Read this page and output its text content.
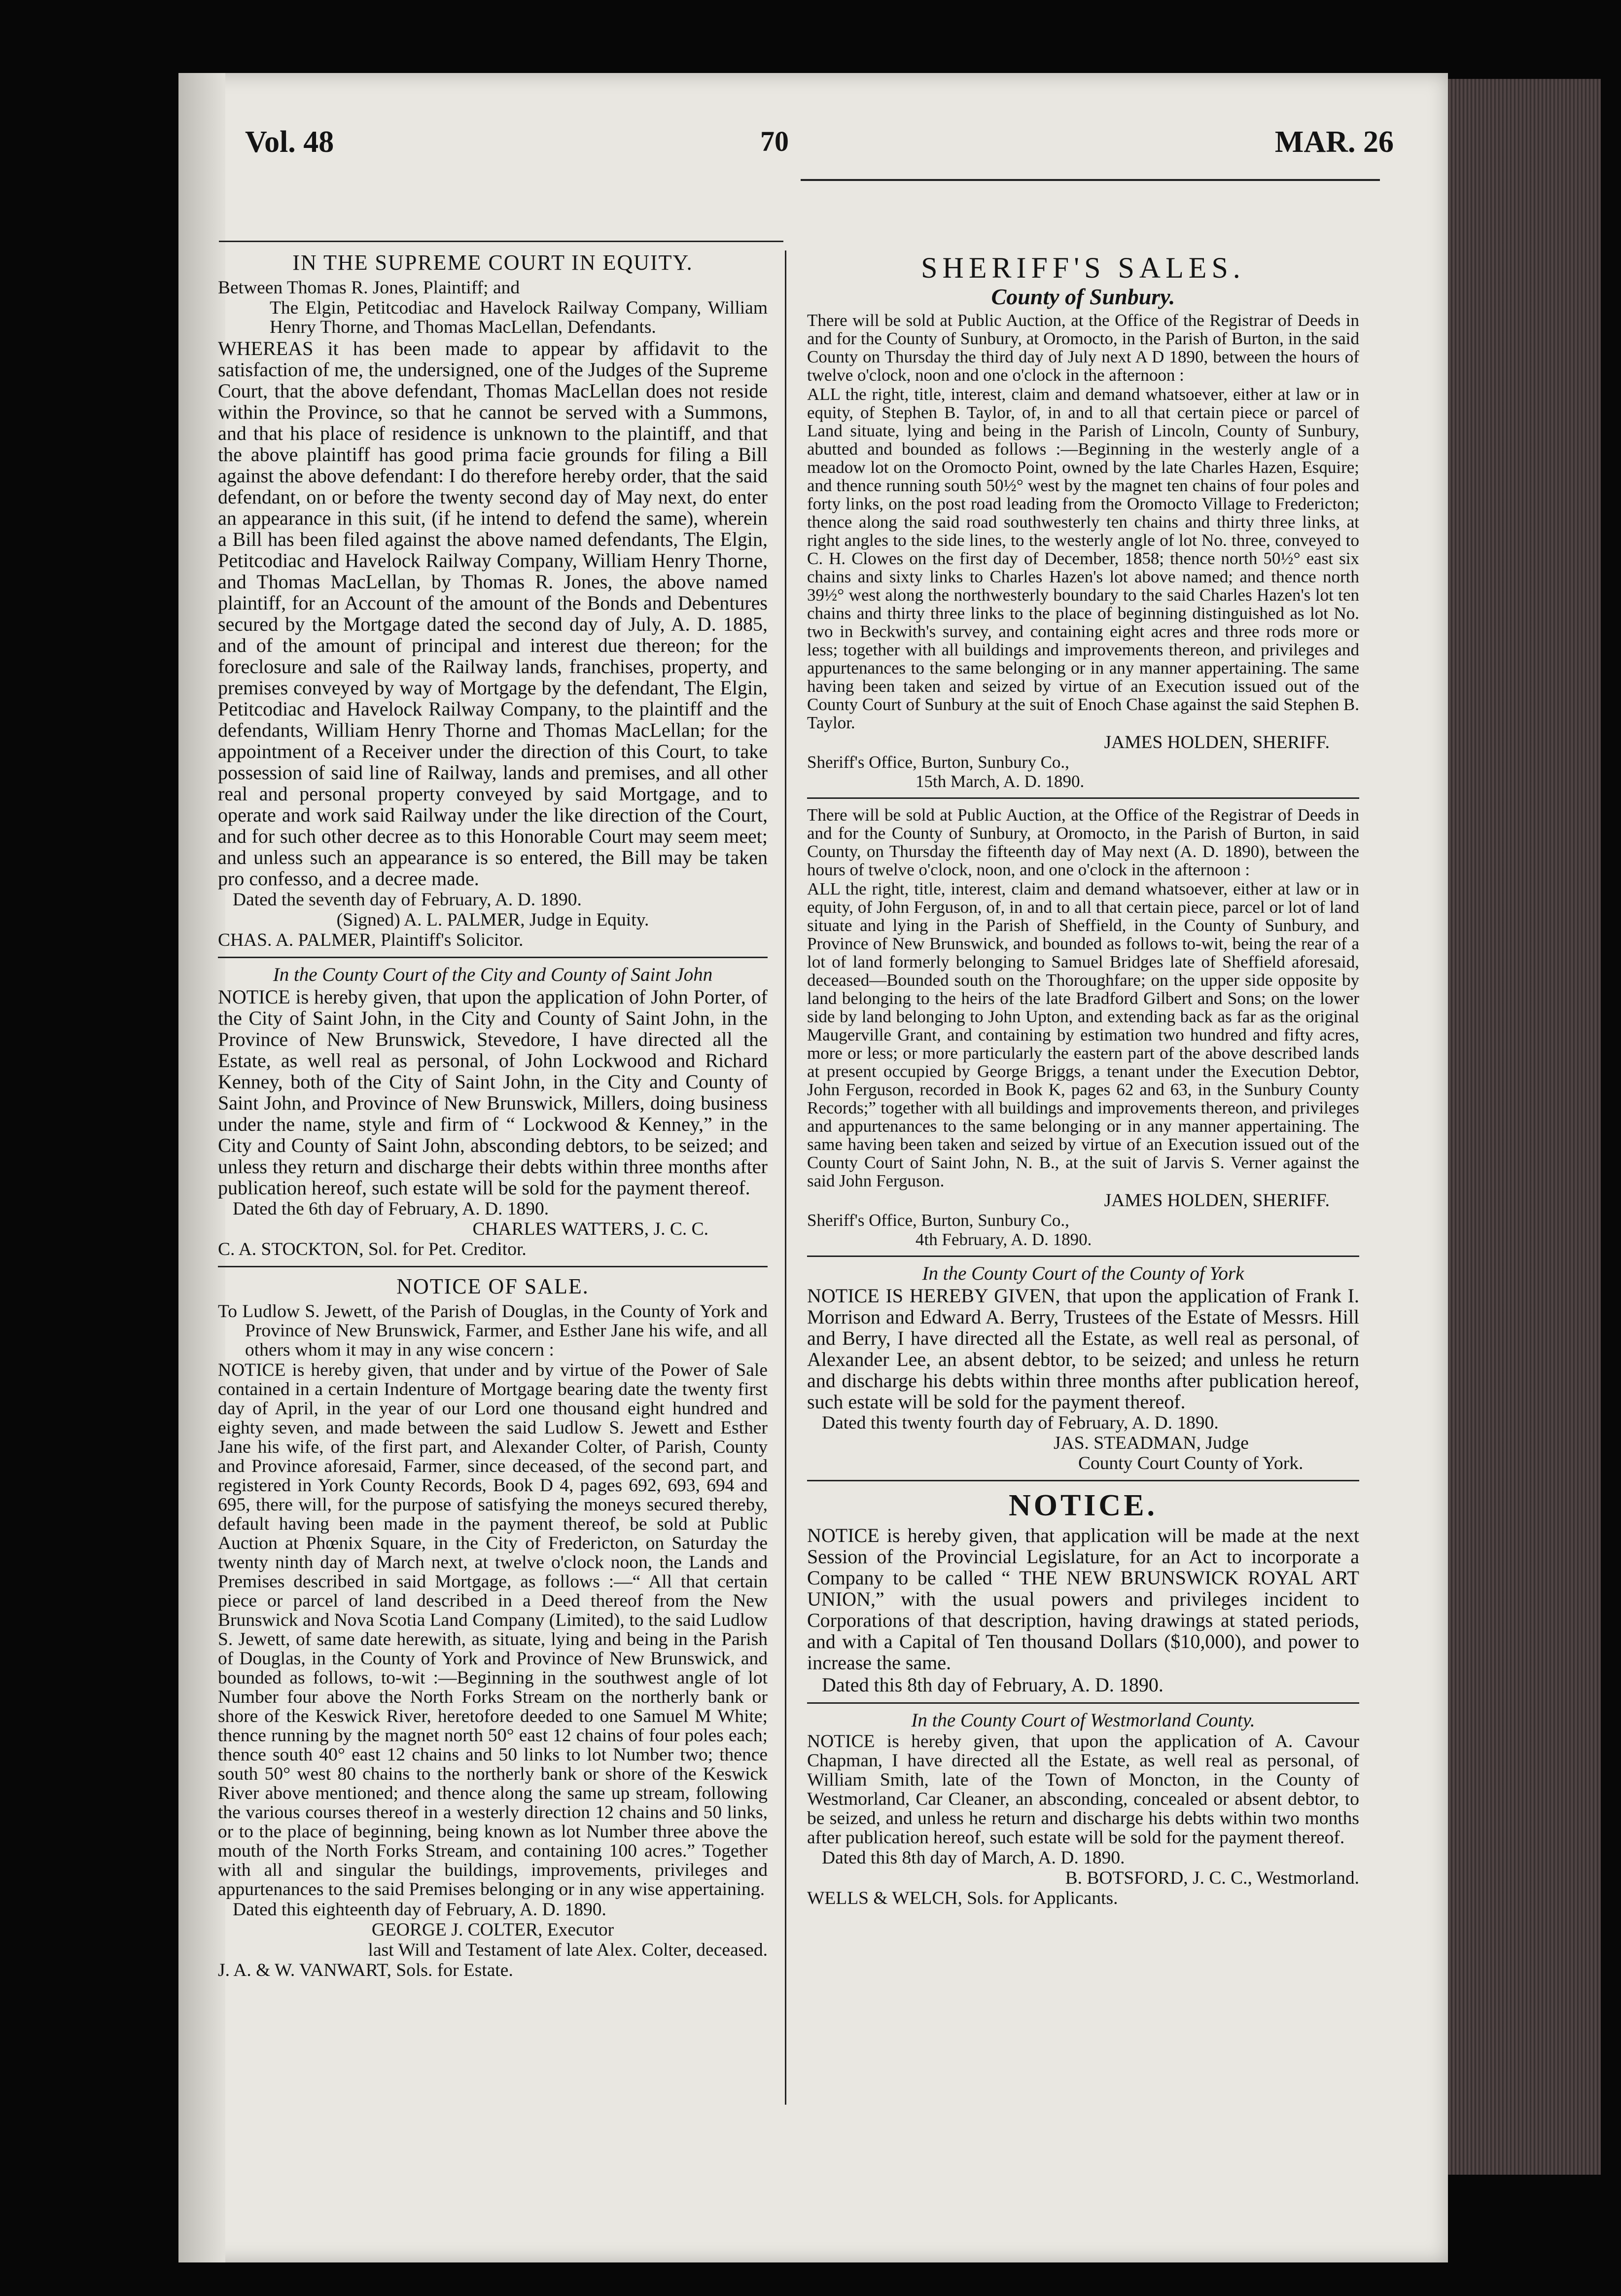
Vol. 48	70	MAR. 26

IN THE SUPREME COURT IN EQUITY.

Between Thomas R. Jones, Plaintiff; and

The Elgin, Petitcodiac and Havelock Railway Company, William Henry Thorne, and Thomas MacLellan, Defendants.

WHEREAS it has been made to appear by affidavit to the satisfaction of me, the undersigned, one of the Judges of the Supreme Court, that the above defendant, Thomas MacLellan does not reside within the Province, so that he cannot be served with a Summons, and that his place of residence is unknown to the plaintiff, and that the above plaintiff has good prima facie grounds for filing a Bill against the above defendant: I do therefore hereby order, that the said defendant, on or before the twenty second day of May next, do enter an appearance in this suit, (if he intend to defend the same), wherein a Bill has been filed against the above named defendants, The Elgin, Petitcodiac and Havelock Railway Company, William Henry Thorne, and Thomas MacLellan, by Thomas R. Jones, the above named plaintiff, for an Account of the amount of the Bonds and Debentures secured by the Mortgage dated the second day of July, A. D. 1885, and of the amount of principal and interest due thereon; for the foreclosure and sale of the Railway lands, franchises, property, and premises conveyed by way of Mortgage by the defendant, The Elgin, Petitcodiac and Havelock Railway Company, to the plaintiff and the defendants, William Henry Thorne and Thomas MacLellan; for the appointment of a Receiver under the direction of this Court, to take possession of said line of Railway, lands and premises, and all other real and personal property conveyed by said Mortgage, and to operate and work said Railway under the like direction of the Court, and for such other decree as to this Honorable Court may seem meet; and unless such an appearance is so entered, the Bill may be taken pro confesso, and a decree made.

Dated the seventh day of February, A. D. 1890.

(Signed) A. L. PALMER, Judge in Equity.

CHAS. A. PALMER, Plaintiff's Solicitor.

In the County Court of the City and County of Saint John

NOTICE is hereby given, that upon the application of John Porter, of the City of Saint John, in the City and County of Saint John, in the Province of New Brunswick, Stevedore, I have directed all the Estate, as well real as personal, of John Lockwood and Richard Kenney, both of the City of Saint John, in the City and County of Saint John, and Province of New Brunswick, Millers, doing business under the name, style and firm of “ Lockwood & Kenney,” in the City and County of Saint John, absconding debtors, to be seized; and unless they return and discharge their debts within three months after publication hereof, such estate will be sold for the payment thereof.

Dated the 6th day of February, A. D. 1890.

CHARLES WATTERS, J. C. C.

C. A. STOCKTON, Sol. for Pet. Creditor.

NOTICE OF SALE.

To Ludlow S. Jewett, of the Parish of Douglas, in the County of York and Province of New Brunswick, Farmer, and Esther Jane his wife, and all others whom it may in any wise concern :

NOTICE is hereby given, that under and by virtue of the Power of Sale contained in a certain Indenture of Mortgage bearing date the twenty first day of April, in the year of our Lord one thousand eight hundred and eighty seven, and made between the said Ludlow S. Jewett and Esther Jane his wife, of the first part, and Alexander Colter, of Parish, County and Province aforesaid, Farmer, since deceased, of the second part, and registered in York County Records, Book D 4, pages 692, 693, 694 and 695, there will, for the purpose of satisfying the moneys secured thereby, default having been made in the payment thereof, be sold at Public Auction at Phœnix Square, in the City of Fredericton, on Saturday the twenty ninth day of March next, at twelve o'clock noon, the Lands and Premises described in said Mortgage, as follows :—“ All that certain piece or parcel of land described in a Deed thereof from the New Brunswick and Nova Scotia Land Company (Limited), to the said Ludlow S. Jewett, of same date herewith, as situate, lying and being in the Parish of Douglas, in the County of York and Province of New Brunswick, and bounded as follows, to-wit :—Beginning in the southwest angle of lot Number four above the North Forks Stream on the northerly bank or shore of the Keswick River, heretofore deeded to one Samuel M White; thence running by the magnet north 50° east 12 chains of four poles each; thence south 40° east 12 chains and 50 links to lot Number two; thence south 50° west 80 chains to the northerly bank or shore of the Keswick River above mentioned; and thence along the same up stream, following the various courses thereof in a westerly direction 12 chains and 50 links, or to the place of beginning, being known as lot Number three above the mouth of the North Forks Stream, and containing 100 acres.” Together with all and singular the buildings, improvements, privileges and appurtenances to the said Premises belonging or in any wise appertaining.

Dated this eighteenth day of February, A. D. 1890.

GEORGE J. COLTER, Executor

last Will and Testament of late Alex. Colter, deceased.

J. A. & W. VANWART, Sols. for Estate.

SHERIFF'S SALES.

County of Sunbury.

There will be sold at Public Auction, at the Office of the Registrar of Deeds in and for the County of Sunbury, at Oromocto, in the Parish of Burton, in the said County on Thursday the third day of July next A D 1890, between the hours of twelve o'clock, noon and one o'clock in the afternoon :

ALL the right, title, interest, claim and demand whatsoever, either at law or in equity, of Stephen B. Taylor, of, in and to all that certain piece or parcel of Land situate, lying and being in the Parish of Lincoln, County of Sunbury, abutted and bounded as follows :—Beginning in the westerly angle of a meadow lot on the Oromocto Point, owned by the late Charles Hazen, Esquire; and thence running south 50½° west by the magnet ten chains of four poles and forty links, on the post road leading from the Oromocto Village to Fredericton; thence along the said road southwesterly ten chains and thirty three links, at right angles to the side lines, to the westerly angle of lot No. three, conveyed to C. H. Clowes on the first day of December, 1858; thence north 50½° east six chains and sixty links to Charles Hazen's lot above named; and thence north 39½° west along the northwesterly boundary to the said Charles Hazen's lot ten chains and thirty three links to the place of beginning distinguished as lot No. two in Beckwith's survey, and containing eight acres and three rods more or less; together with all buildings and improvements thereon, and privileges and appurtenances to the same belonging or in any manner appertaining. The same having been taken and seized by virtue of an Execution issued out of the County Court of Sunbury at the suit of Enoch Chase against the said Stephen B. Taylor.

JAMES HOLDEN, SHERIFF.

Sheriff's Office, Burton, Sunbury Co.,

15th March, A. D. 1890.

There will be sold at Public Auction, at the Office of the Registrar of Deeds in and for the County of Sunbury, at Oromocto, in the Parish of Burton, in said County, on Thursday the fifteenth day of May next (A. D. 1890), between the hours of twelve o'clock, noon, and one o'clock in the afternoon :

ALL the right, title, interest, claim and demand whatsoever, either at law or in equity, of John Ferguson, of, in and to all that certain piece, parcel or lot of land situate and lying in the Parish of Sheffield, in the County of Sunbury, and Province of New Brunswick, and bounded as follows to-wit, being the rear of a lot of land formerly belonging to Samuel Bridges late of Sheffield aforesaid, deceased—Bounded south on the Thoroughfare; on the upper side opposite by land belonging to the heirs of the late Bradford Gilbert and Sons; on the lower side by land belonging to John Upton, and extending back as far as the original Maugerville Grant, and containing by estimation two hundred and fifty acres, more or less; or more particularly the eastern part of the above described lands at present occupied by George Briggs, a tenant under the Execution Debtor, John Ferguson, recorded in Book K, pages 62 and 63, in the Sunbury County Records;” together with all buildings and improvements thereon, and privileges and appurtenances to the same belonging or in any manner appertaining. The same having been taken and seized by virtue of an Execution issued out of the County Court of Saint John, N. B., at the suit of Jarvis S. Verner against the said John Ferguson.

JAMES HOLDEN, SHERIFF.

Sheriff's Office, Burton, Sunbury Co.,

4th February, A. D. 1890.

In the County Court of the County of York

NOTICE IS HEREBY GIVEN, that upon the application of Frank I. Morrison and Edward A. Berry, Trustees of the Estate of Messrs. Hill and Berry, I have directed all the Estate, as well real as personal, of Alexander Lee, an absent debtor, to be seized; and unless he return and discharge his debts within three months after publication hereof, such estate will be sold for the payment thereof.

Dated this twenty fourth day of February, A. D. 1890.

JAS. STEADMAN, Judge

County Court County of York.

NOTICE.

NOTICE is hereby given, that application will be made at the next Session of the Provincial Legislature, for an Act to incorporate a Company to be called “ THE NEW BRUNSWICK ROYAL ART UNION,” with the usual powers and privileges incident to Corporations of that description, having drawings at stated periods, and with a Capital of Ten thousand Dollars ($10,000), and power to increase the same.

Dated this 8th day of February, A. D. 1890.

In the County Court of Westmorland County.

NOTICE is hereby given, that upon the application of A. Cavour Chapman, I have directed all the Estate, as well real as personal, of William Smith, late of the Town of Moncton, in the County of Westmorland, Car Cleaner, an absconding, concealed or absent debtor, to be seized, and unless he return and discharge his debts within two months after publication hereof, such estate will be sold for the payment thereof.

Dated this 8th day of March, A. D. 1890.

B. BOTSFORD, J. C. C., Westmorland.

WELLS & WELCH, Sols. for Applicants.
